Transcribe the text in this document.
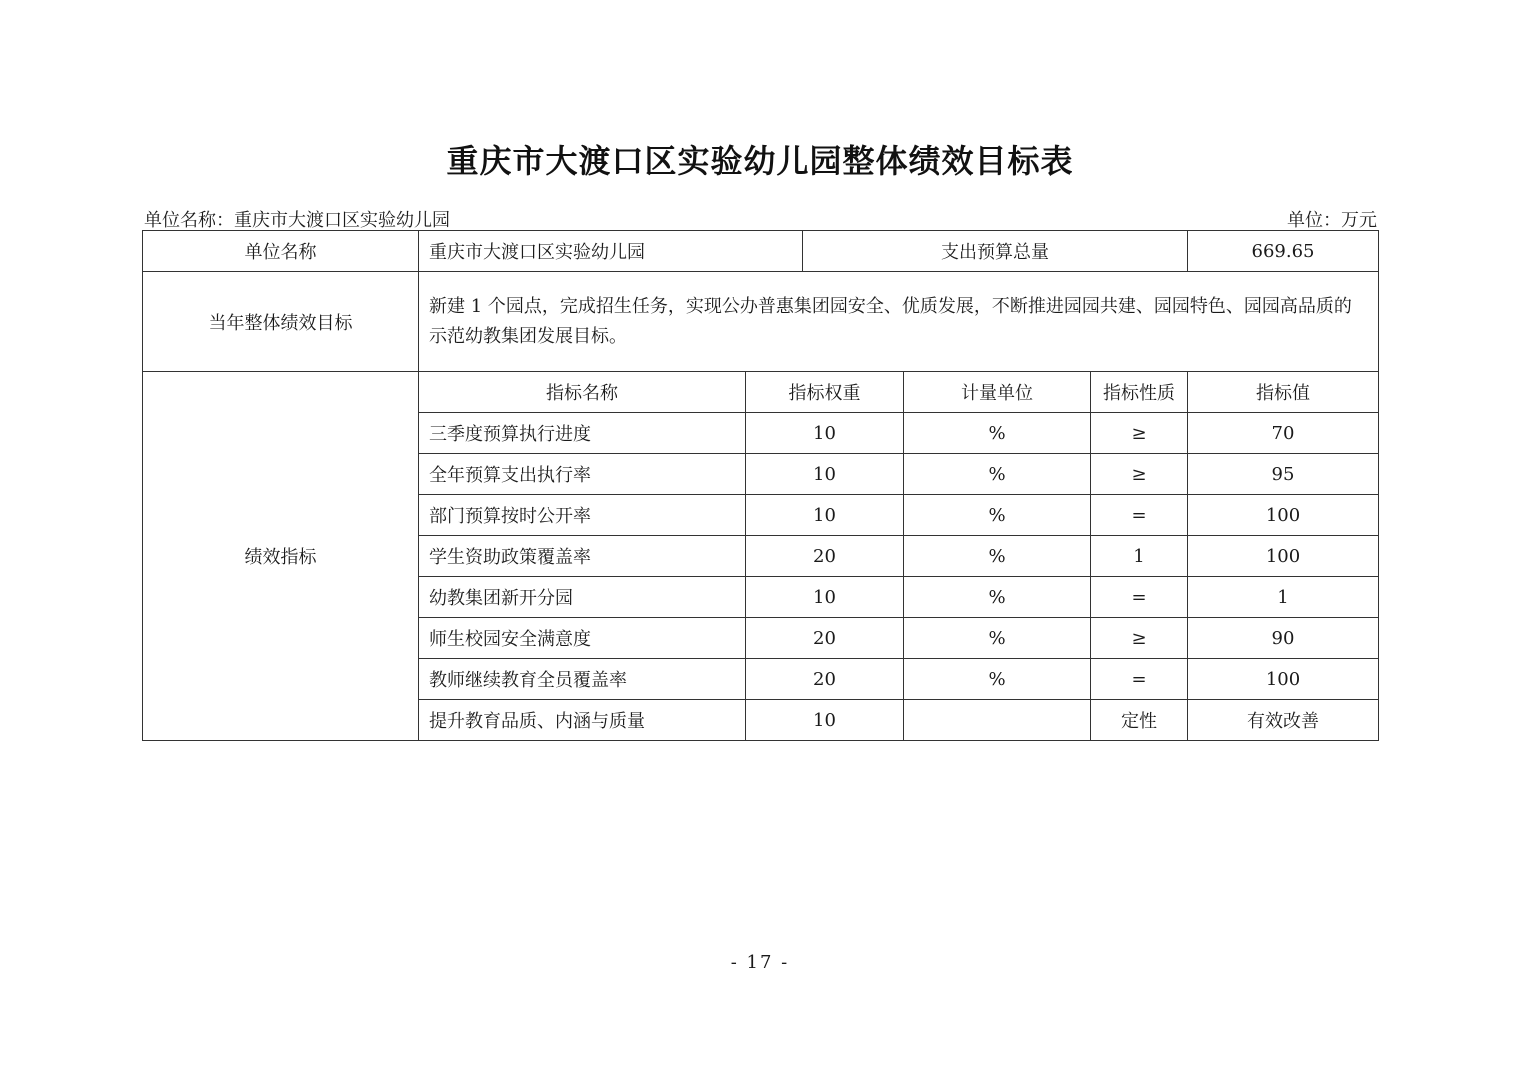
重庆市大渡口区实验幼儿园整体绩效目标表
单位名称：重庆市大渡口区实验幼儿园	单位：万元
单位名称	重庆市大渡口区实验幼儿园		支出预算总量			669.65
当年整体绩效目标	新建 1 个园点，完成招生任务，实现公办普惠集团园安全、优质发展，不断推进园园共建、园园特色、园园高品质的示范幼教集团发展目标。					
绩效指标	指标名称	指标权重		计量单位	指标性质	指标值
	三季度预算执行进度	10		%	≥	70
	全年预算支出执行率	10		%	≥	95
	部门预算按时公开率	10		%	=	100
	学生资助政策覆盖率	20		%	1	100
	幼教集团新开分园	10		%	=	1
	师生校园安全满意度	20		%	≥	90
	教师继续教育全员覆盖率	20		%	=	100
	提升教育品质、内涵与质量	10			定性	有效改善
- 17 -
